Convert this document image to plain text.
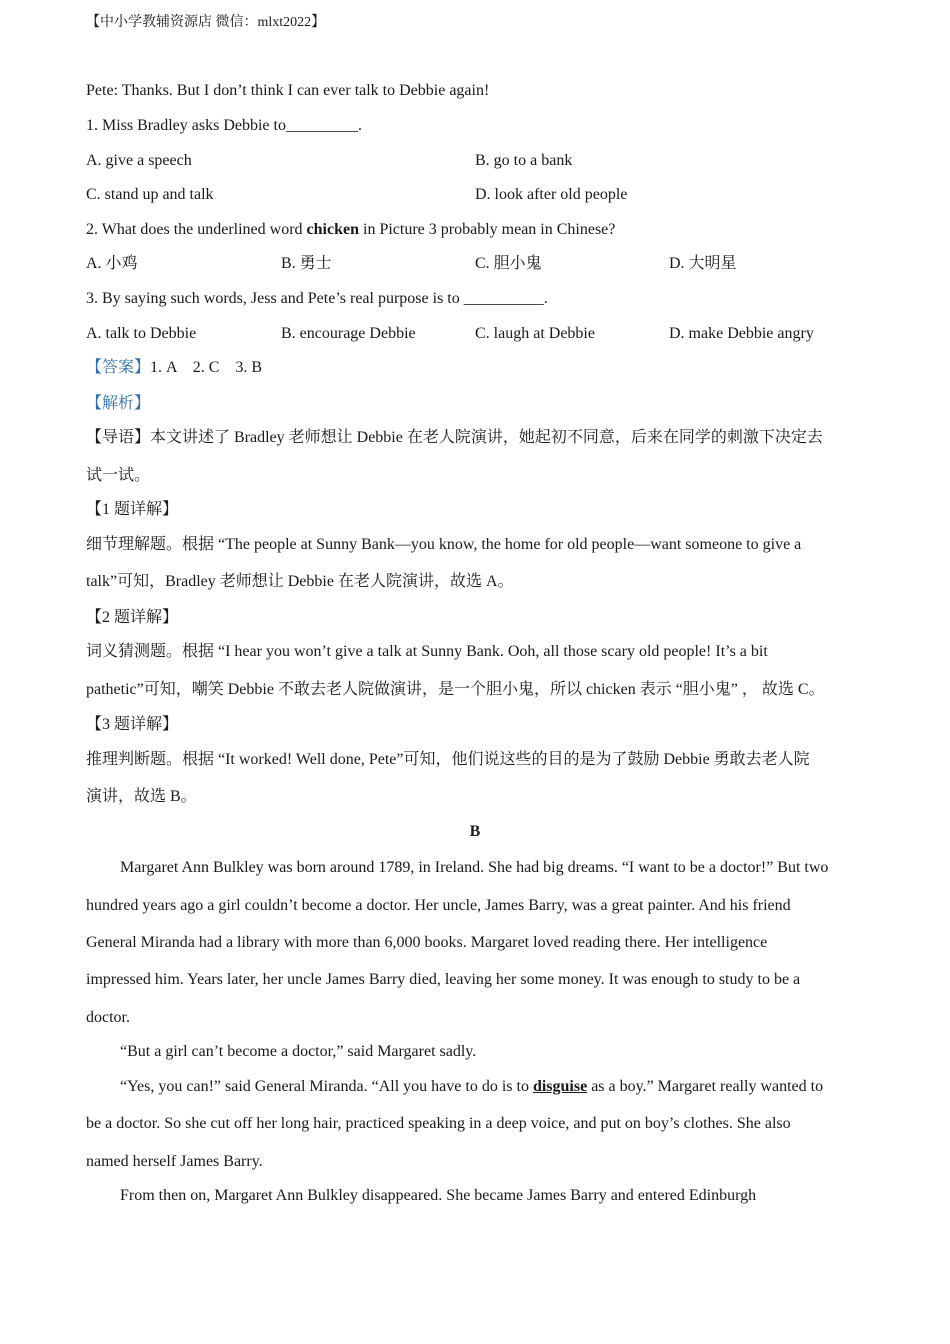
【中小学教辅资源店 微信：mlxt2022】
Pete: Thanks. But I don’t think I can ever talk to Debbie again!
1. Miss Bradley asks Debbie to_________.
A. give a speech	B. go to a bank
C. stand up and talk	D. look after old people
2. What does the underlined word chicken in Picture 3 probably mean in Chinese?
A. 小鸡	B. 勇士	C. 胆小鬼	D. 大明星
3. By saying such words, Jess and Pete’s real purpose is to __________.
A. talk to Debbie	B. encourage Debbie	C. laugh at Debbie	D. make Debbie angry
【答案】1. A    2. C    3. B
【解析】
【导语】本文讲述了 Bradley 老师想让 Debbie 在老人院演讲，她起初不同意，后来在同学的刺激下决定去
试一试。
【1 题详解】
细节理解题。根据 “The people at Sunny Bank—you know, the home for old people—want someone to give a
talk”可知，Bradley 老师想让 Debbie 在老人院演讲，故选 A。
【2 题详解】
词义猜测题。根据 “I hear you won’t give a talk at Sunny Bank. Ooh, all those scary old people! It’s a bit
pathetic”可知，嘲笑 Debbie 不敢去老人院做演讲，是一个胆小鬼，所以 chicken 表示 “胆小鬼” ， 故选 C。
【3 题详解】
推理判断题。根据 “It worked! Well done, Pete”可知，他们说这些的目的是为了鼓励 Debbie 勇敢去老人院
演讲，故选 B。
B
Margaret Ann Bulkley was born around 1789, in Ireland. She had big dreams. “I want to be a doctor!” But two
hundred years ago a girl couldn’t become a doctor. Her uncle, James Barry, was a great painter. And his friend
General Miranda had a library with more than 6,000 books. Margaret loved reading there. Her intelligence
impressed him. Years later, her uncle James Barry died, leaving her some money. It was enough to study to be a
doctor.
“But a girl can’t become a doctor,” said Margaret sadly.
“Yes, you can!” said General Miranda. “All you have to do is to disguise as a boy.” Margaret really wanted to
be a doctor. So she cut off her long hair, practiced speaking in a deep voice, and put on boy’s clothes. She also
named herself James Barry.
From then on, Margaret Ann Bulkley disappeared. She became James Barry and entered Edinburgh
